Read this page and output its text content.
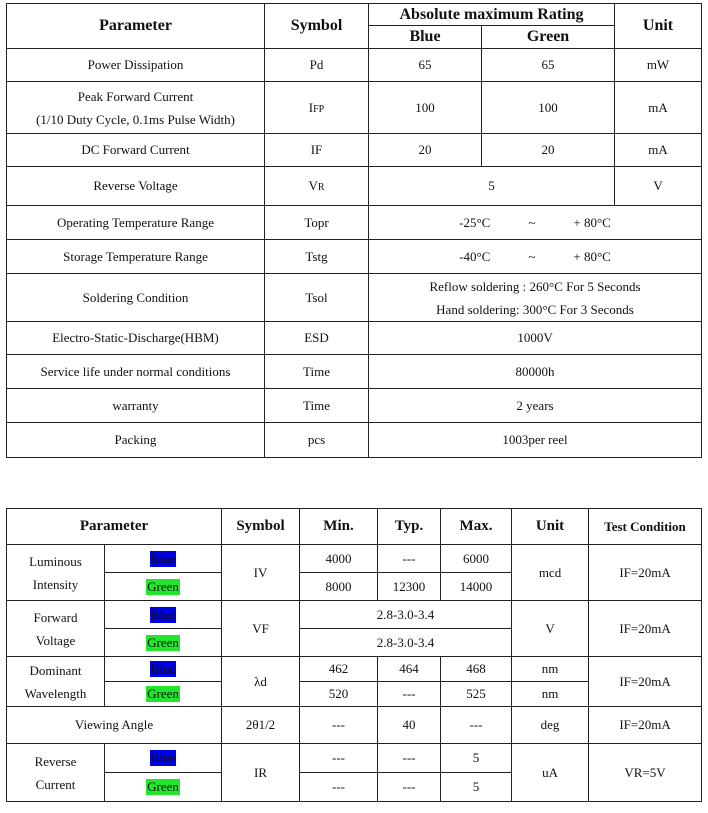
Parameter	Symbol	Absolute maximum Rating		Unit
		Blue	Green	
Power Dissipation	Pd	65	65	mW

Peak Forward Current
(1/10 Duty Cycle, 0.1ms Pulse Width)	IFP	100	100	mA
DC Forward Current	IF	20	20	mA
Reverse Voltage	VR	5		V
Operating Temperature Range	Topr	-25°C ~ + 80°C		
Storage Temperature Range	Tstg	-40°C ~ + 80°C		
Soldering Condition	Tsol	Reflow soldering : 260°C For 5 Seconds
Hand soldering: 300°C For 3 Seconds		

Electro-Static-Discharge(HBM)	ESD	1000V		
Service life under normal conditions	Time	80000h		
warranty	Time	2 years		
Packing	pcs	1003per reel		
Parameter		Symbol	Min.	Typ.	Max.	Unit	Test Condition

Luminous
Intensity	Blue	IV	4000	---	6000	mcd	IF=20mA
	Green		8000	12300	14000		

Forward
Voltage	Blue	VF	2.8-3.0-3.4			V	IF=20mA
	Green		2.8-3.0-3.4				

Dominant
Wavelength	Blue	λd	462	464	468	nm	IF=20mA
	Green		520	---	525	nm	
Viewing Angle		2θ1/2	---	40	---	deg	IF=20mA

Reverse
Current	Blue	IR	---	---	5	uA	VR=5V
	Green		---	---	5		
